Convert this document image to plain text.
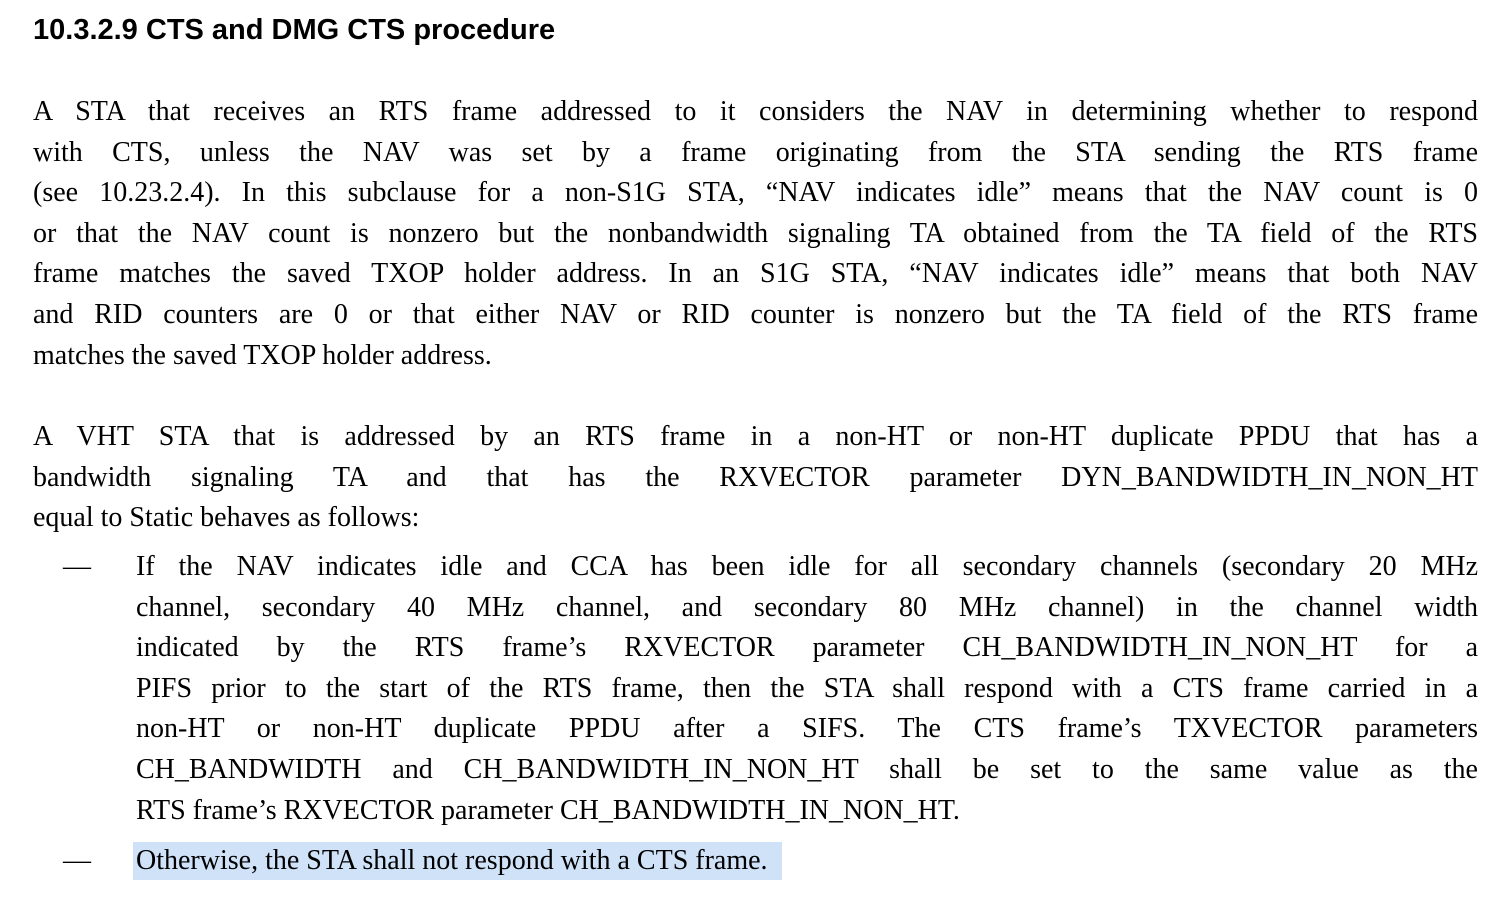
10.3.2.9 CTS and DMG CTS procedure
A STA that receives an RTS frame addressed to it considers the NAV in determining whether to respond
with CTS, unless the NAV was set by a frame originating from the STA sending the RTS frame
(see 10.23.2.4). In this subclause for a non-S1G STA, “NAV indicates idle” means that the NAV count is 0
or that the NAV count is nonzero but the nonbandwidth signaling TA obtained from the TA field of the RTS
frame matches the saved TXOP holder address. In an S1G STA, “NAV indicates idle” means that both NAV
and RID counters are 0 or that either NAV or RID counter is nonzero but the TA field of the RTS frame
matches the saved TXOP holder address.
A VHT STA that is addressed by an RTS frame in a non-HT or non-HT duplicate PPDU that has a
bandwidth signaling TA and that has the RXVECTOR parameter DYN_BANDWIDTH_IN_NON_HT
equal to Static behaves as follows:
— If the NAV indicates idle and CCA has been idle for all secondary channels (secondary 20 MHz
channel, secondary 40 MHz channel, and secondary 80 MHz channel) in the channel width
indicated by the RTS frame’s RXVECTOR parameter CH_BANDWIDTH_IN_NON_HT for a
PIFS prior to the start of the RTS frame, then the STA shall respond with a CTS frame carried in a
non-HT or non-HT duplicate PPDU after a SIFS. The CTS frame’s TXVECTOR parameters
CH_BANDWIDTH and CH_BANDWIDTH_IN_NON_HT shall be set to the same value as the
RTS frame’s RXVECTOR parameter CH_BANDWIDTH_IN_NON_HT.
— Otherwise, the STA shall not respond with a CTS frame.
